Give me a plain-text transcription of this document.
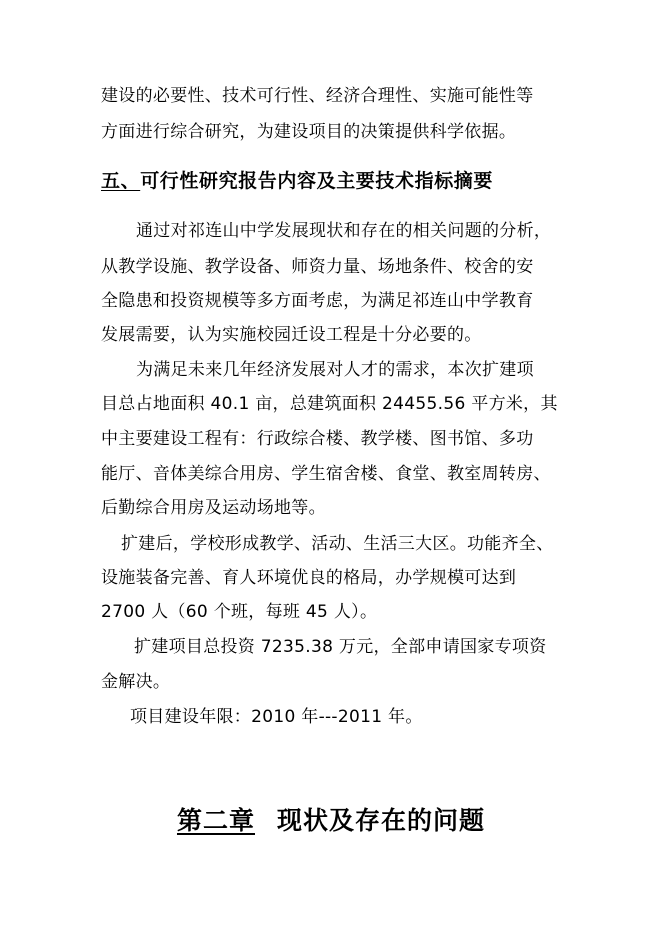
建设的必要性、技术可行性、经济合理性、实施可能性等
方面进行综合研究，为建设项目的决策提供科学依据。
五、可行性研究报告内容及主要技术指标摘要
通过对祁连山中学发展现状和存在的相关问题的分析，
从教学设施、教学设备、师资力量、场地条件、校舍的安
全隐患和投资规模等多方面考虑，为满足祁连山中学教育
发展需要，认为实施校园迁设工程是十分必要的。
为满足未来几年经济发展对人才的需求，本次扩建项
目总占地面积 40.1 亩，总建筑面积 24455.56 平方米，其
中主要建设工程有：行政综合楼、教学楼、图书馆、多功
能厅、音体美综合用房、学生宿舍楼、食堂、教室周转房、
后勤综合用房及运动场地等。
扩建后，学校形成教学、活动、生活三大区。功能齐全、
设施装备完善、育人环境优良的格局，办学规模可达到
2700 人（60 个班，每班 45 人）。
扩建项目总投资 7235.38 万元，全部申请国家专项资
金解决。
项目建设年限：2010 年---2011 年。
第二章 现状及存在的问题
